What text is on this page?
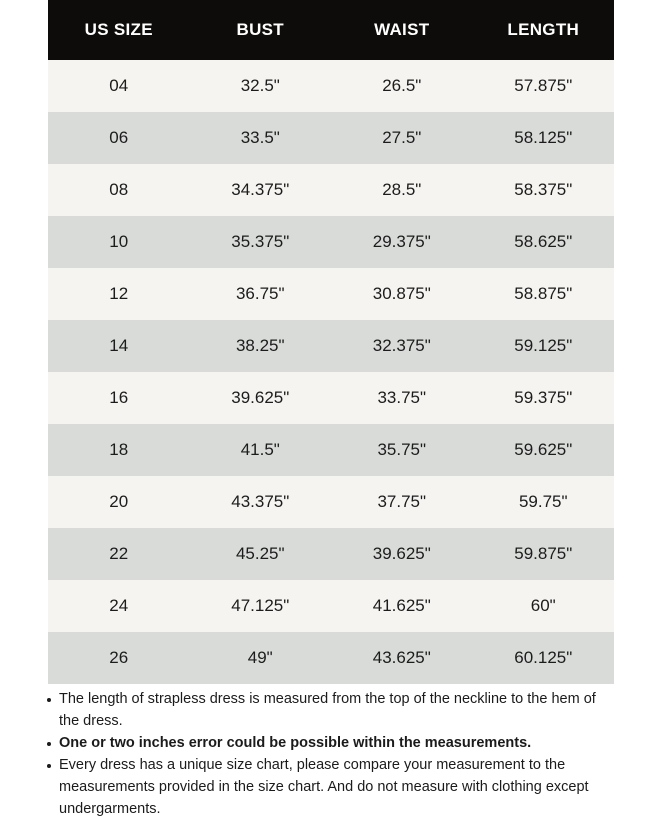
US SIZE	BUST	WAIST	LENGTH
04	32.5"	26.5"	57.875"
06	33.5"	27.5"	58.125"
08	34.375"	28.5"	58.375"
10	35.375"	29.375"	58.625"
12	36.75"	30.875"	58.875"
14	38.25"	32.375"	59.125"
16	39.625"	33.75"	59.375"
18	41.5"	35.75"	59.625"
20	43.375"	37.75"	59.75"
22	45.25"	39.625"	59.875"
24	47.125"	41.625"	60"
26	49"	43.625"	60.125"
The length of strapless dress is measured from the top of the neckline to the hem of the dress.
One or two inches error could be possible within the measurements.
Every dress has a unique size chart, please compare your measurement to the measurements provided in the size chart. And do not measure with clothing except undergarments.
